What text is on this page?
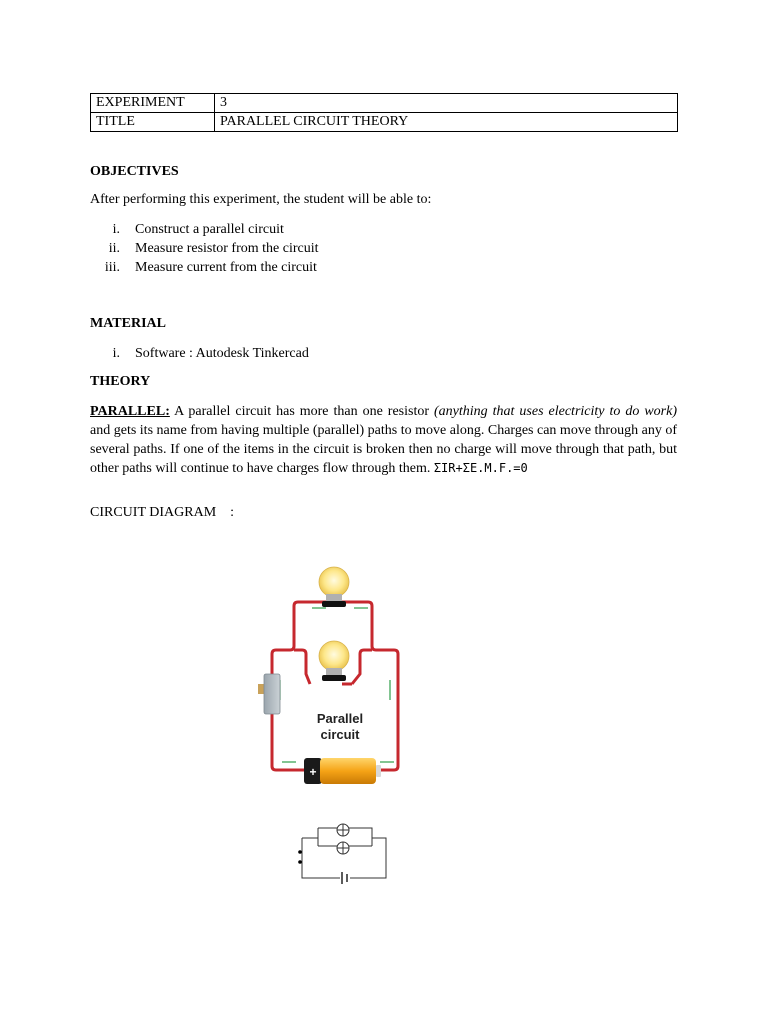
EXPERIMENT	3
TITLE	PARALLEL CIRCUIT THEORY
OBJECTIVES
After performing this experiment, the student will be able to:
i. Construct a parallel circuit
ii. Measure resistor from the circuit
iii. Measure current from the circuit
MATERIAL
i. Software : Autodesk Tinkercad
THEORY
PARALLEL: A parallel circuit has more than one resistor (anything that uses electricity to do work) and gets its name from having multiple (parallel) paths to move along. Charges can move through any of several paths. If one of the items in the circuit is broken then no charge will move through that path, but other paths will continue to have charges flow through them. ΣIR+ΣE.M.F.=0
CIRCUIT DIAGRAM :
Parallel
circuit
+
